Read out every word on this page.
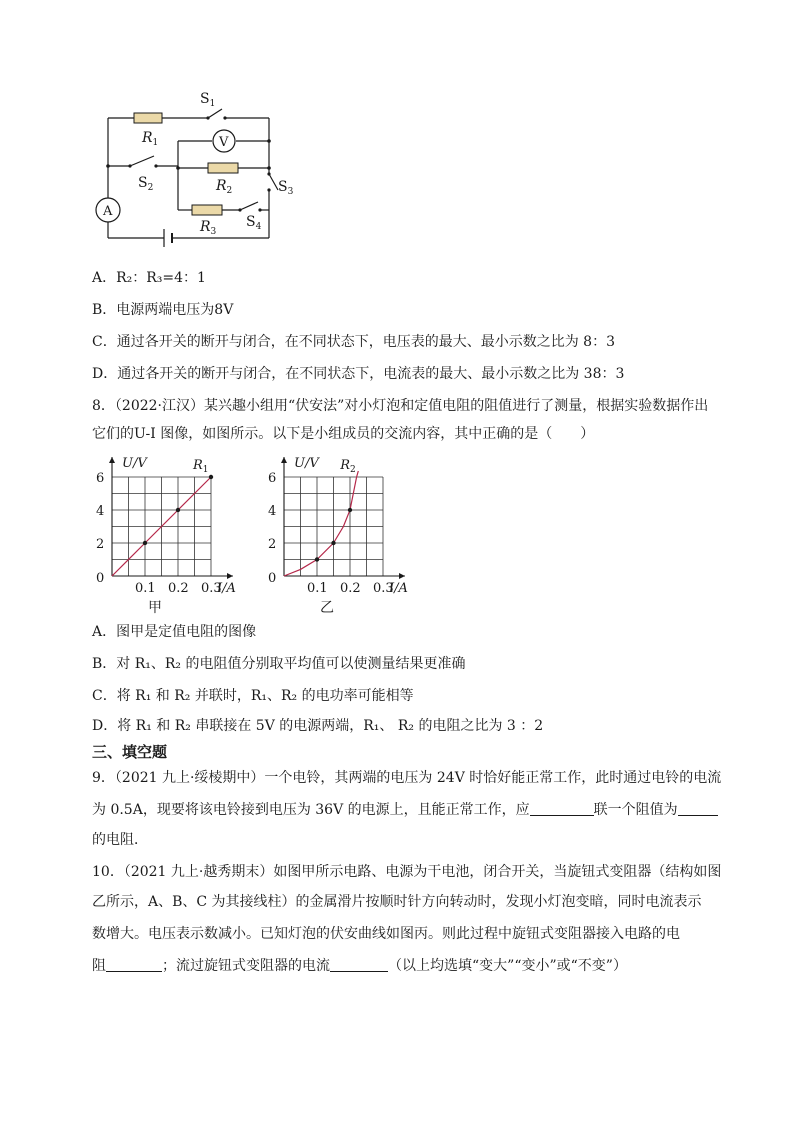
V
A
$S_1$
$R_1$
$S_2$	$R_2$	$S_3$
$R_3$
$S_4$
A．R₂：R₃=4：1
B．电源两端电压为8V
C．通过各开关的断开与闭合，在不同状态下，电压表的最大、最小示数之比为 8：3
D．通过各开关的断开与闭合，在不同状态下，电流表的最大、最小示数之比为 38：3
8．（2022·江汉）某兴趣小组用“伏安法”对小灯泡和定值电阻的阻值进行了测量，根据实验数据作出
它们的U-I 图像，如图所示。以下是小组成员的交流内容，其中正确的是（　　）
0.1 0.2 0.3
2
4
6
0
U/V
I/A
$R_1$
甲
0.1 0.2 0.3
2
4
6
0
U/V
I/A
$R_2$
乙
A．图甲是定值电阻的图像
B．对 R₁、R₂ 的电阻值分别取平均值可以使测量结果更准确
C．将 R₁ 和 R₂ 并联时，R₁、R₂ 的电功率可能相等
D．将 R₁ 和 R₂ 串联接在 5V 的电源两端，R₁、 R₂ 的电阻之比为 3 ：2
三、填空题
9．（2021 九上·绥棱期中）一个电铃，其两端的电压为 24V 时恰好能正常工作，此时通过电铃的电流
为 0.5A，现要将该电铃接到电压为 36V 的电源上，且能正常工作，应	联一个阻值为
的电阻．
10．（2021 九上·越秀期末）如图甲所示电路、电源为干电池，闭合开关，当旋钮式变阻器（结构如图
乙所示，A、B、C 为其接线柱）的金属滑片按顺时针方向转动时，发现小灯泡变暗，同时电流表示
数增大。电压表示数减小。已知灯泡的伏安曲线如图丙。则此过程中旋钮式变阻器接入电路的电
阻	；流过旋钮式变阻器的电流	（以上均选填“变大”“变小”或“不变”）
